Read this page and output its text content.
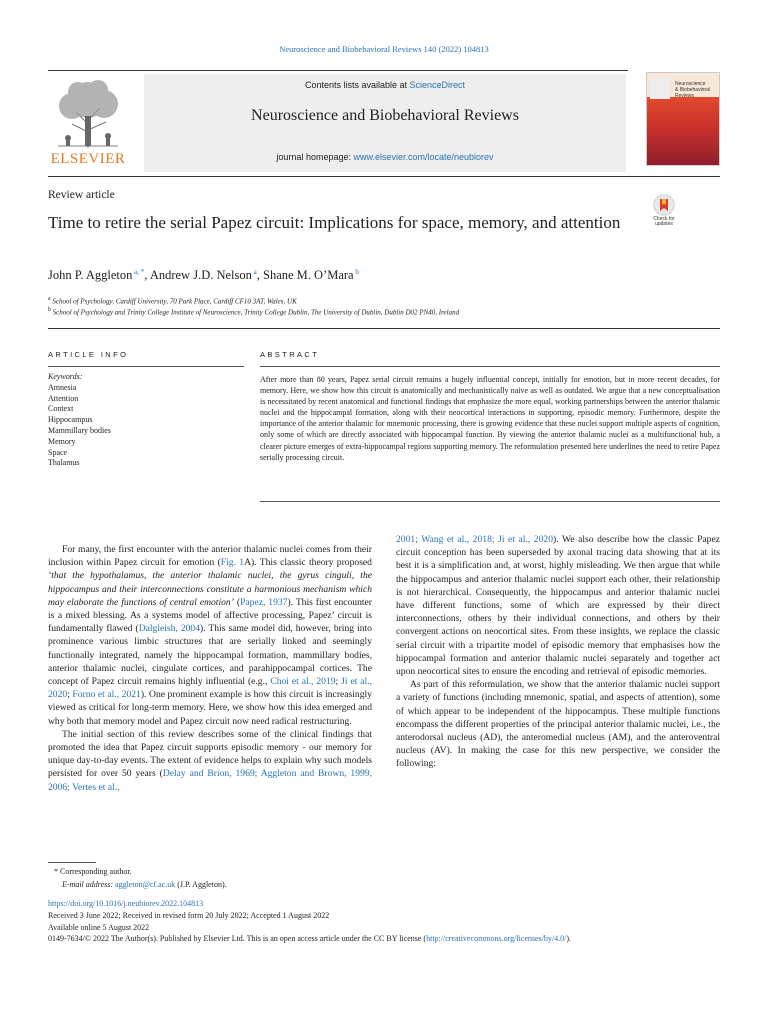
Neuroscience and Biobehavioral Reviews 140 (2022) 104813
ELSEVIER
Contents lists available at ScienceDirect
Neuroscience and Biobehavioral Reviews
journal homepage: www.elsevier.com/locate/neubiorev
Neuroscience
& Biobehavioral
Reviews
Review article
Time to retire the serial Papez circuit: Implications for space, memory, and attention	Check for
updates
John P. Aggleton $^{a, *}$, Andrew J.D. Nelson $^a$, Shane M. O’Mara $^b$
$^a$ School of Psychology, Cardiff University, 70 Park Place, Cardiff CF10 3AT, Wales, UK
$^b$ School of Psychology and Trinity College Institute of Neuroscience, Trinity College Dublin, The University of Dublin, Dublin D02 PN40, Ireland
ARTICLE INFO	ABSTRACT
Keywords:
Amnesia
Attention
Context
Hippocampus
Mammillary bodies
Memory
Space
Thalamus
After more than 80 years, Papez serial circuit remains a hugely influential concept, initially for emotion, but in more recent decades, for memory. Here, we show how this circuit is anatomically and mechanistically naive as well as outdated. We argue that a new conceptualisation is necessitated by recent anatomical and functional findings that emphasize the more equal, working partnerships between the anterior thalamic nuclei and the hippocampal formation, along with their neocortical interactions in supporting, episodic memory. Furthermore, despite the importance of the anterior thalamic for mnemonic processing, there is growing evidence that these nuclei support multiple aspects of cognition, only some of which are directly associated with hippocampal function. By viewing the anterior thalamic nuclei as a multifunctional hub, a clearer picture emerges of extra-hippocampal regions supporting memory. The reformulation presented here underlines the need to retire Papez serially processing circuit.

For many, the first encounter with the anterior thalamic nuclei comes from their inclusion within Papez circuit for emotion (Fig. 1A). This classic theory proposed ‘that the hypothalamus, the anterior thalamic nuclei, the gyrus cinguli, the hippocampus and their interconnections constitute a harmonious mechanism which may elaborate the functions of central emotion’ (Papez, 1937). This first encounter is a mixed blessing. As a systems model of affective processing, Papez’ circuit is fundamentally flawed (Dalgleish, 2004). This same model did, however, bring into prominence various limbic structures that are serially linked and seemingly functionally integrated, namely the hippocampal formation, mammillary bodies, anterior thalamic nuclei, cingulate cortices, and parahippocampal cortices. The concept of Papez circuit remains highly influential (e.g., Choi et al., 2019; Ji et al., 2020; Forno et al., 2021). One prominent example is how this circuit is increasingly viewed as critical for long-term memory. Here, we show how this idea emerged and why both that memory model and Papez circuit now need radical restructuring.

The initial section of this review describes some of the clinical findings that promoted the idea that Papez circuit supports episodic memory - our memory for unique day-to-day events. The extent of evidence helps to explain why such models persisted for over 50 years (Delay and Brion, 1969; Aggleton and Brown, 1999, 2006; Vertes et al.,

2001; Wang et al., 2018; Ji et al., 2020). We also describe how the classic Papez circuit conception has been superseded by axonal tracing data showing that at its best it is a simplification and, at worst, highly misleading. We then argue that while the hippocampus and anterior thalamic nuclei support each other, their relationship is not hierarchical. Consequently, the hippocampus and anterior thalamic nuclei have different functions, some of which are expressed by their direct interconnections, others by their individual connections, and others by their convergent actions on neocortical sites. From these insights, we replace the classic serial circuit with a tripartite model of episodic memory that emphasises how the hippocampal formation and anterior thalamic nuclei separately and together act upon neocortical sites to ensure the encoding and retrieval of episodic memories.

As part of this reformulation, we show that the anterior thalamic nuclei support a variety of functions (including mnemonic, spatial, and aspects of attention), some of which appear to be independent of the hippocampus. These multiple functions encompass the different properties of the principal anterior thalamic nuclei, i.e., the anterodorsal nucleus (AD), the anteromedial nucleus (AM), and the anteroventral nucleus (AV). In making the case for this new perspective, we consider the following:

* Corresponding author.
E-mail address: aggleton@cf.ac.uk (J.P. Aggleton).
https://doi.org/10.1016/j.neubiorev.2022.104813
Received 3 June 2022; Received in revised form 20 July 2022; Accepted 1 August 2022
Available online 5 August 2022
0149-7634/© 2022 The Author(s). Published by Elsevier Ltd. This is an open access article under the CC BY license (http://creativecommons.org/licenses/by/4.0/).
